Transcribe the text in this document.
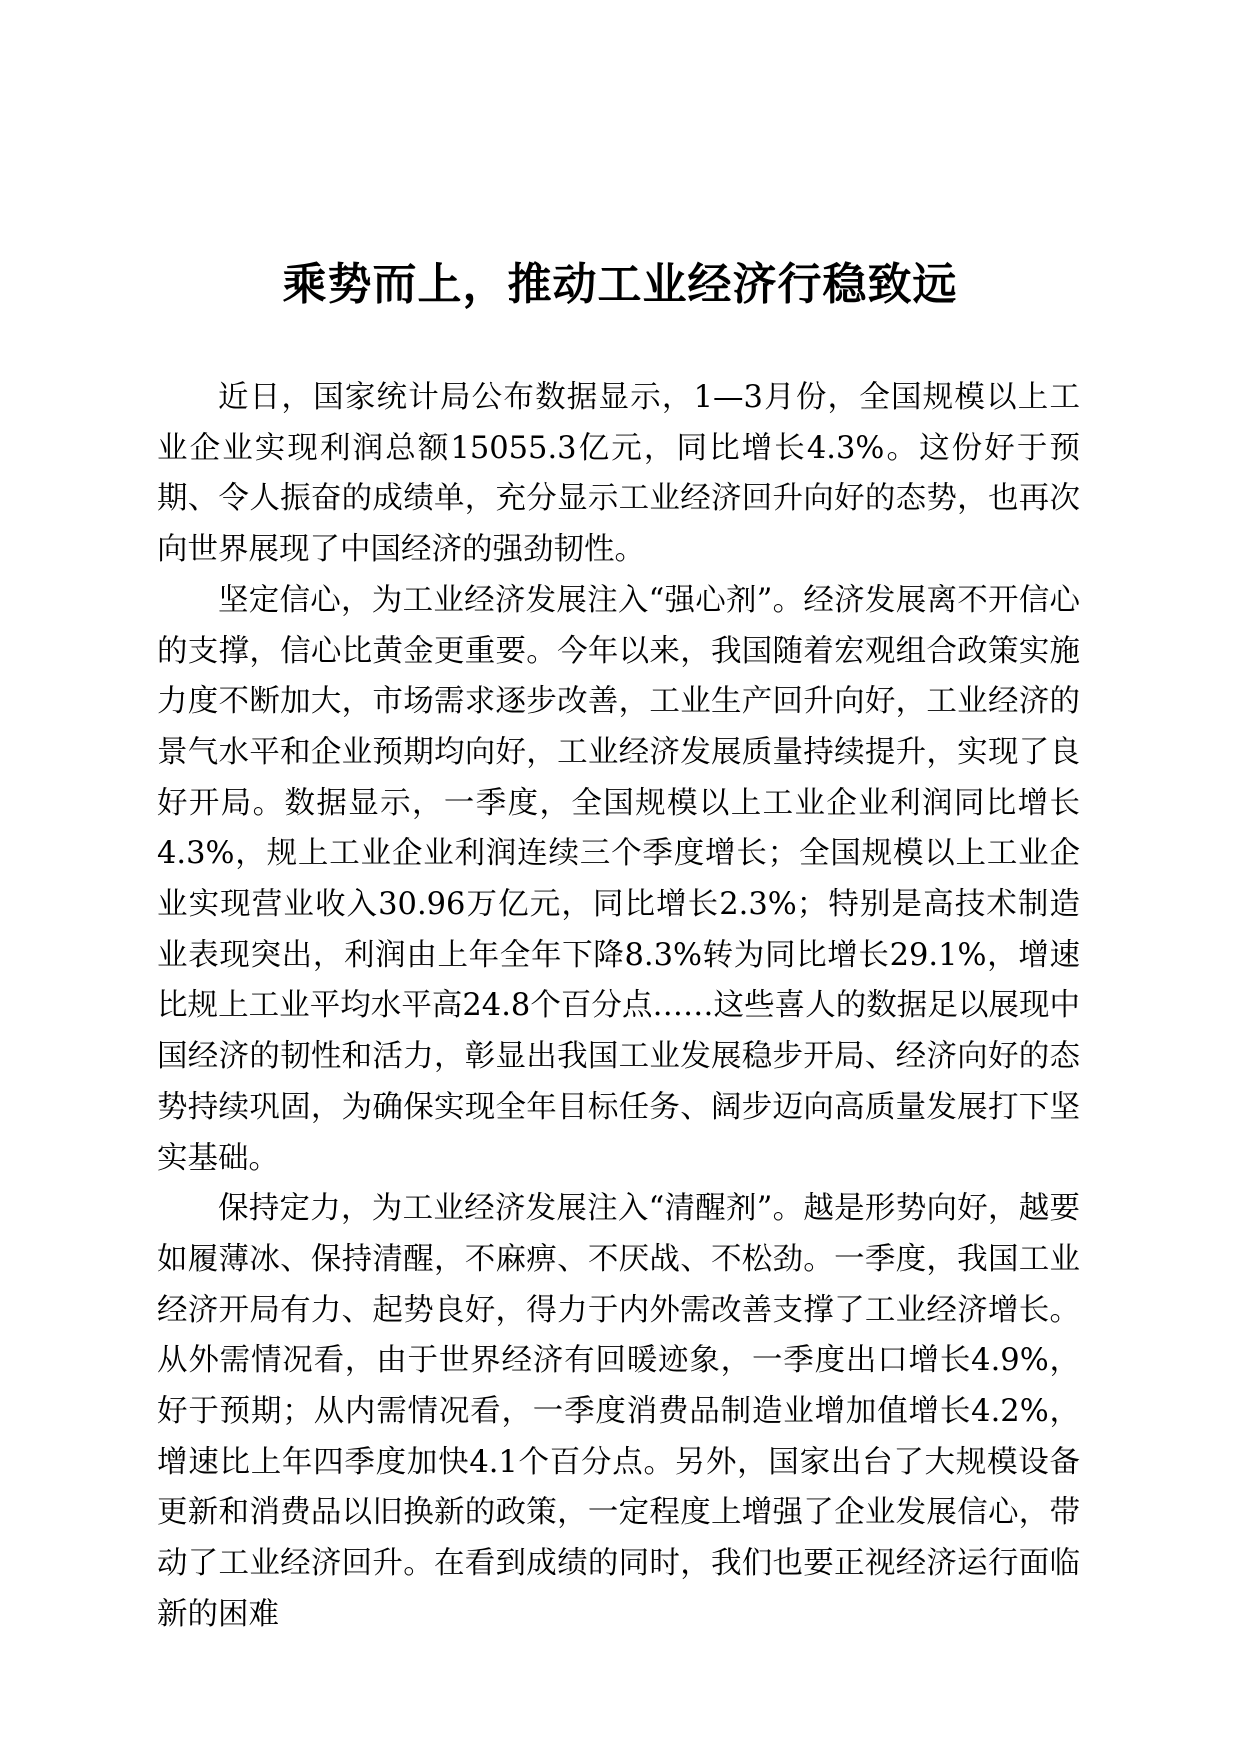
乘势而上，推动工业经济行稳致远

近日，国家统计局公布数据显示，1—3月份，全国规模以上工业企业实现利润总额15055.3亿元，同比增长4.3%。这份好于预期、令人振奋的成绩单，充分显示工业经济回升向好的态势，也再次向世界展现了中国经济的强劲韧性。

坚定信心，为工业经济发展注入“强心剂”。经济发展离不开信心的支撑，信心比黄金更重要。今年以来，我国随着宏观组合政策实施力度不断加大，市场需求逐步改善，工业生产回升向好，工业经济的景气水平和企业预期均向好，工业经济发展质量持续提升，实现了良好开局。数据显示，一季度，全国规模以上工业企业利润同比增长4.3%，规上工业企业利润连续三个季度增长；全国规模以上工业企业实现营业收入30.96万亿元，同比增长2.3%；特别是高技术制造业表现突出，利润由上年全年下降8.3%转为同比增长29.1%，增速比规上工业平均水平高24.8个百分点……这些喜人的数据足以展现中国经济的韧性和活力，彰显出我国工业发展稳步开局、经济向好的态势持续巩固，为确保实现全年目标任务、阔步迈向高质量发展打下坚实基础。

保持定力，为工业经济发展注入“清醒剂”。越是形势向好，越要如履薄冰、保持清醒，不麻痹、不厌战、不松劲。一季度，我国工业经济开局有力、起势良好，得力于内外需改善支撑了工业经济增长。从外需情况看，由于世界经济有回暖迹象，一季度出口增长4.9%，好于预期；从内需情况看，一季度消费品制造业增加值增长4.2%，增速比上年四季度加快4.1个百分点。另外，国家出台了大规模设备更新和消费品以旧换新的政策，一定程度上增强了企业发展信心，带动了工业经济回升。在看到成绩的同时，我们也要正视经济运行面临新的困难
